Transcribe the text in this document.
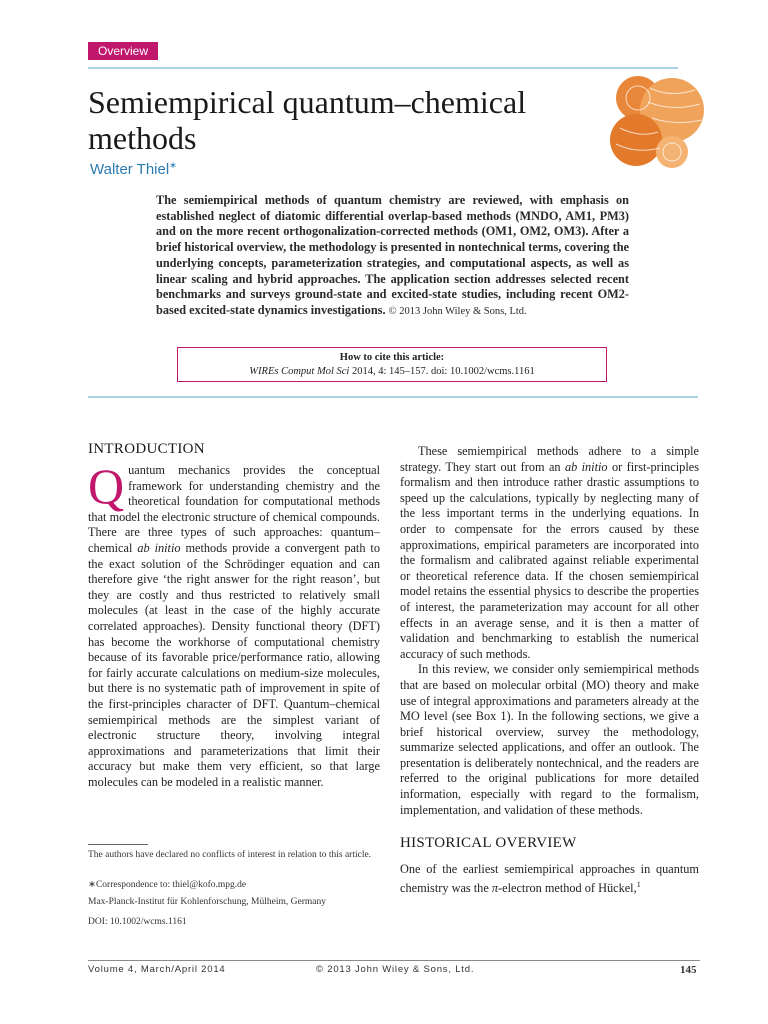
Overview
Semiempirical quantum–chemical methods
Walter Thiel∗
The semiempirical methods of quantum chemistry are reviewed, with emphasis on established neglect of diatomic differential overlap-based methods (MNDO, AM1, PM3) and on the more recent orthogonalization-corrected methods (OM1, OM2, OM3). After a brief historical overview, the methodology is presented in nontechnical terms, covering the underlying concepts, parameterization strategies, and computational aspects, as well as linear scaling and hybrid approaches. The application section addresses selected recent benchmarks and surveys ground-state and excited-state studies, including recent OM2-based excited-state dynamics investigations. © 2013 John Wiley & Sons, Ltd.
How to cite this article:
WIREs Comput Mol Sci 2014, 4: 145–157. doi: 10.1002/wcms.1161
INTRODUCTION

Quantum mechanics provides the conceptual framework for understanding chemistry and the theoretical foundation for computational methods that model the electronic structure of chemical compounds. There are three types of such approaches: quantum–chemical ab initio methods provide a convergent path to the exact solution of the Schrödinger equation and can therefore give ‘the right answer for the right reason’, but they are costly and thus restricted to relatively small molecules (at least in the case of the highly accurate correlated approaches). Density functional theory (DFT) has become the workhorse of computational chemistry because of its favorable price/performance ratio, allowing for fairly accurate calculations on medium-size molecules, but there is no systematic path of improvement in spite of the first-principles character of DFT. Quantum–chemical semiempirical methods are the simplest variant of electronic structure theory, involving integral approximations and parameterizations that limit their accuracy but make them very efficient, so that large molecules can be modeled in a realistic manner.

These semiempirical methods adhere to a simple strategy. They start out from an ab initio or first-principles formalism and then introduce rather drastic assumptions to speed up the calculations, typically by neglecting many of the less important terms in the underlying equations. In order to compensate for the errors caused by these approximations, empirical parameters are incorporated into the formalism and calibrated against reliable experimental or theoretical reference data. If the chosen semiempirical model retains the essential physics to describe the properties of interest, the parameterization may account for all other effects in an average sense, and it is then a matter of validation and benchmarking to establish the numerical accuracy of such methods.

In this review, we consider only semiempirical methods that are based on molecular orbital (MO) theory and make use of integral approximations and parameters already at the MO level (see Box 1). In the following sections, we give a brief historical overview, survey the methodology, summarize selected applications, and offer an outlook. The presentation is deliberately nontechnical, and the readers are referred to the original publications for more detailed information, especially with regard to the formalism, implementation, and validation of these methods.

HISTORICAL OVERVIEW

One of the earliest semiempirical approaches in quantum chemistry was the π-electron method of Hückel,$^1$

The authors have declared no conflicts of interest in relation to this article.
∗Correspondence to: thiel@kofo.mpg.de
Max-Planck-Institut für Kohlenforschung, Mülheim, Germany
DOI: 10.1002/wcms.1161
Volume 4, March/April 2014	© 2013 John Wiley & Sons, Ltd.	145
